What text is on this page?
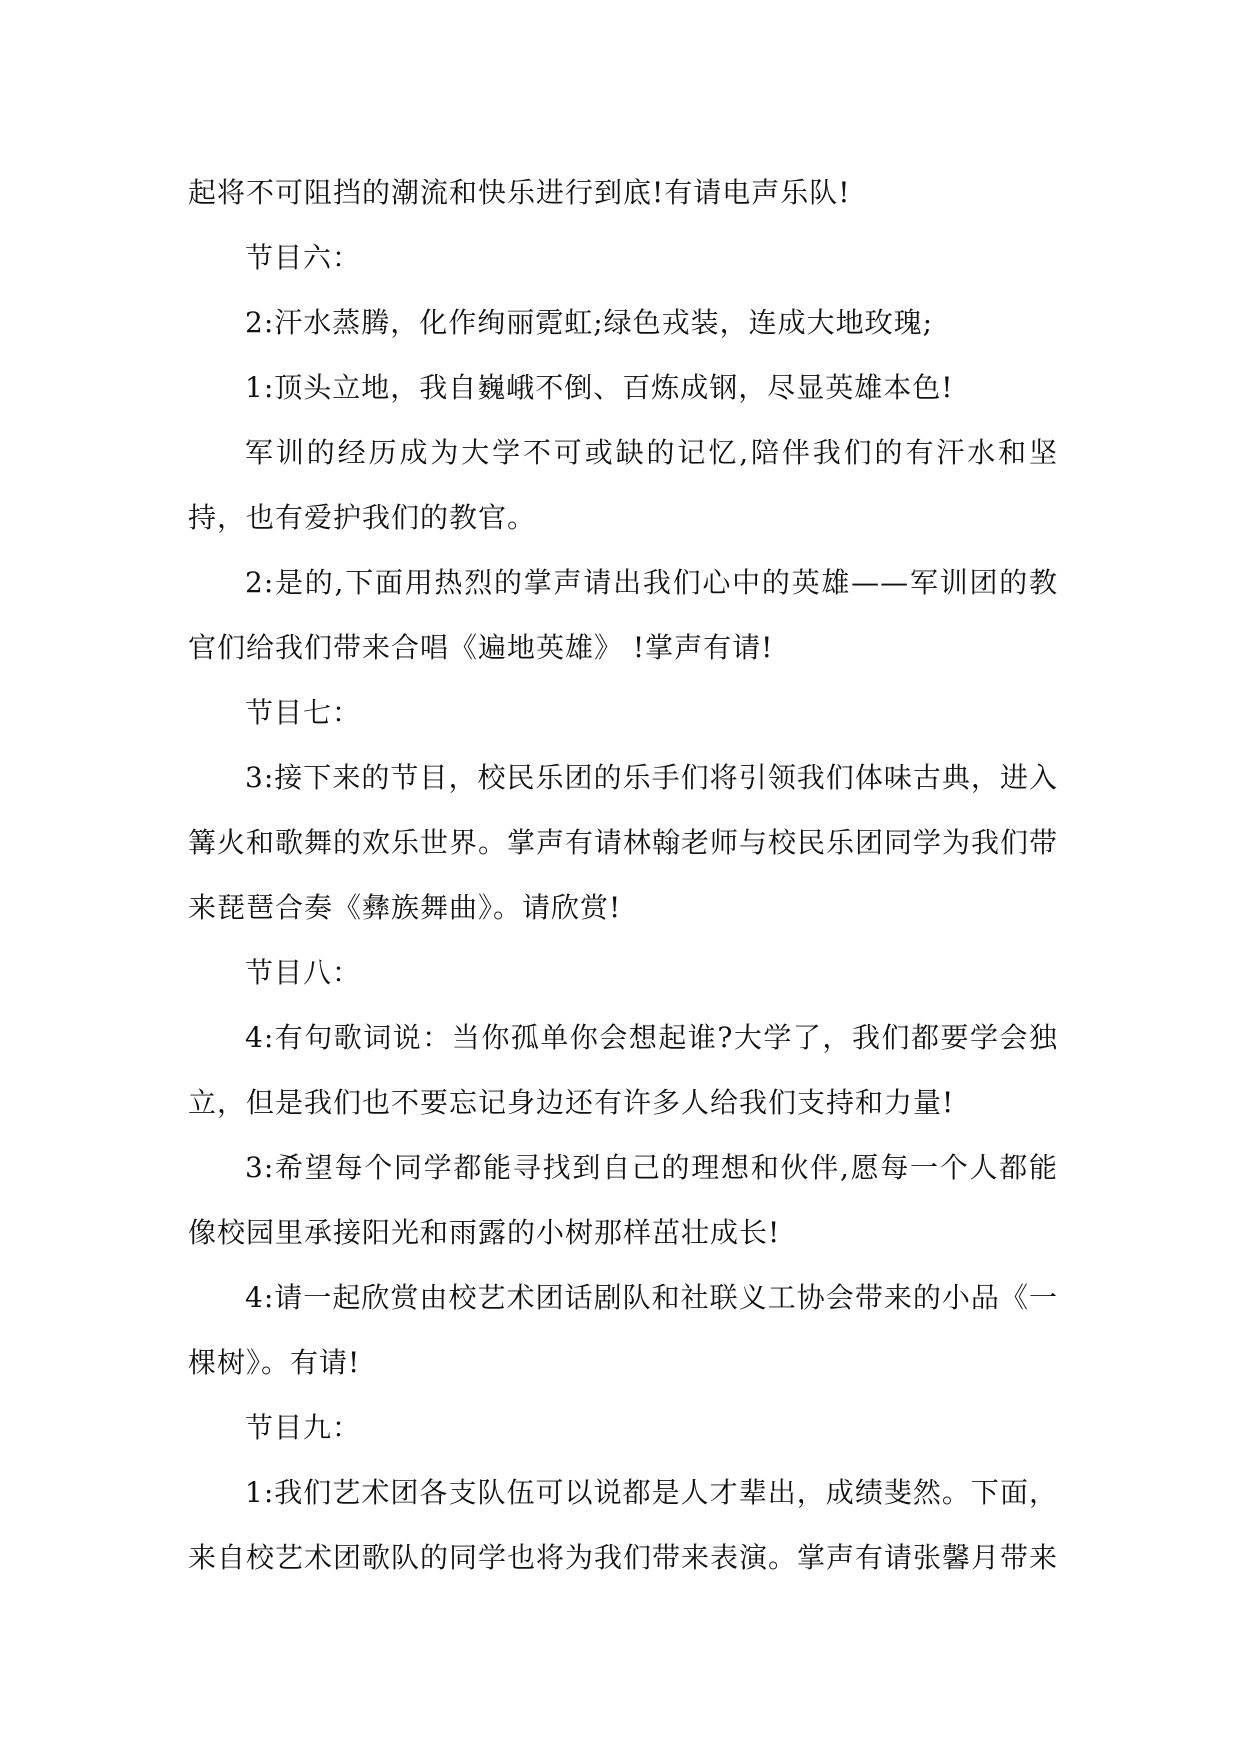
起将不可阻挡的潮流和快乐进行到底!有请电声乐队!

节目六：

2:汗水蒸腾，化作绚丽霓虹;绿色戎装，连成大地玫瑰;

1:顶头立地，我自巍峨不倒、百炼成钢，尽显英雄本色!

军训的经历成为大学不可或缺的记忆,陪伴我们的有汗水和坚持，也有爱护我们的教官。

2:是的,下面用热烈的掌声请出我们心中的英雄——军训团的教官们给我们带来合唱《遍地英雄》 !掌声有请!

节目七：

3:接下来的节目，校民乐团的乐手们将引领我们体味古典，进入篝火和歌舞的欢乐世界。掌声有请林翰老师与校民乐团同学为我们带来琵琶合奏《彝族舞曲》。请欣赏!

节目八：

4:有句歌词说：当你孤单你会想起谁?大学了，我们都要学会独立，但是我们也不要忘记身边还有许多人给我们支持和力量!

3:希望每个同学都能寻找到自己的理想和伙伴,愿每一个人都能像校园里承接阳光和雨露的小树那样茁壮成长!

4:请一起欣赏由校艺术团话剧队和社联义工协会带来的小品《一棵树》。有请!

节目九：

1:我们艺术团各支队伍可以说都是人才辈出，成绩斐然。下面，来自校艺术团歌队的同学也将为我们带来表演。掌声有请张馨月带来
